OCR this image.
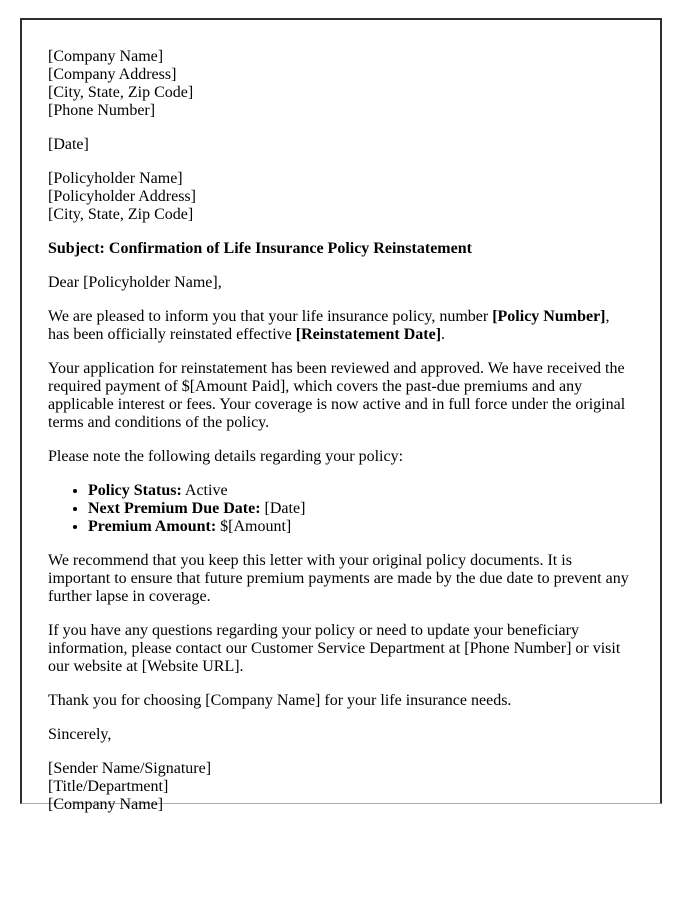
[Company Name]
[Company Address]
[City, State, Zip Code]
[Phone Number]

[Date]

[Policyholder Name]
[Policyholder Address]
[City, State, Zip Code]

Subject: Confirmation of Life Insurance Policy Reinstatement

Dear [Policyholder Name],

We are pleased to inform you that your life insurance policy, number [Policy Number], has been officially reinstated effective [Reinstatement Date].

Your application for reinstatement has been reviewed and approved. We have received the required payment of $[Amount Paid], which covers the past-due premiums and any applicable interest or fees. Your coverage is now active and in full force under the original terms and conditions of the policy.

Please note the following details regarding your policy:

• Policy Status: Active
• Next Premium Due Date: [Date]
• Premium Amount: $[Amount]

We recommend that you keep this letter with your original policy documents. It is important to ensure that future premium payments are made by the due date to prevent any further lapse in coverage.

If you have any questions regarding your policy or need to update your beneficiary information, please contact our Customer Service Department at [Phone Number] or visit our website at [Website URL].

Thank you for choosing [Company Name] for your life insurance needs.

Sincerely,

[Sender Name/Signature]
[Title/Department]
[Company Name]
